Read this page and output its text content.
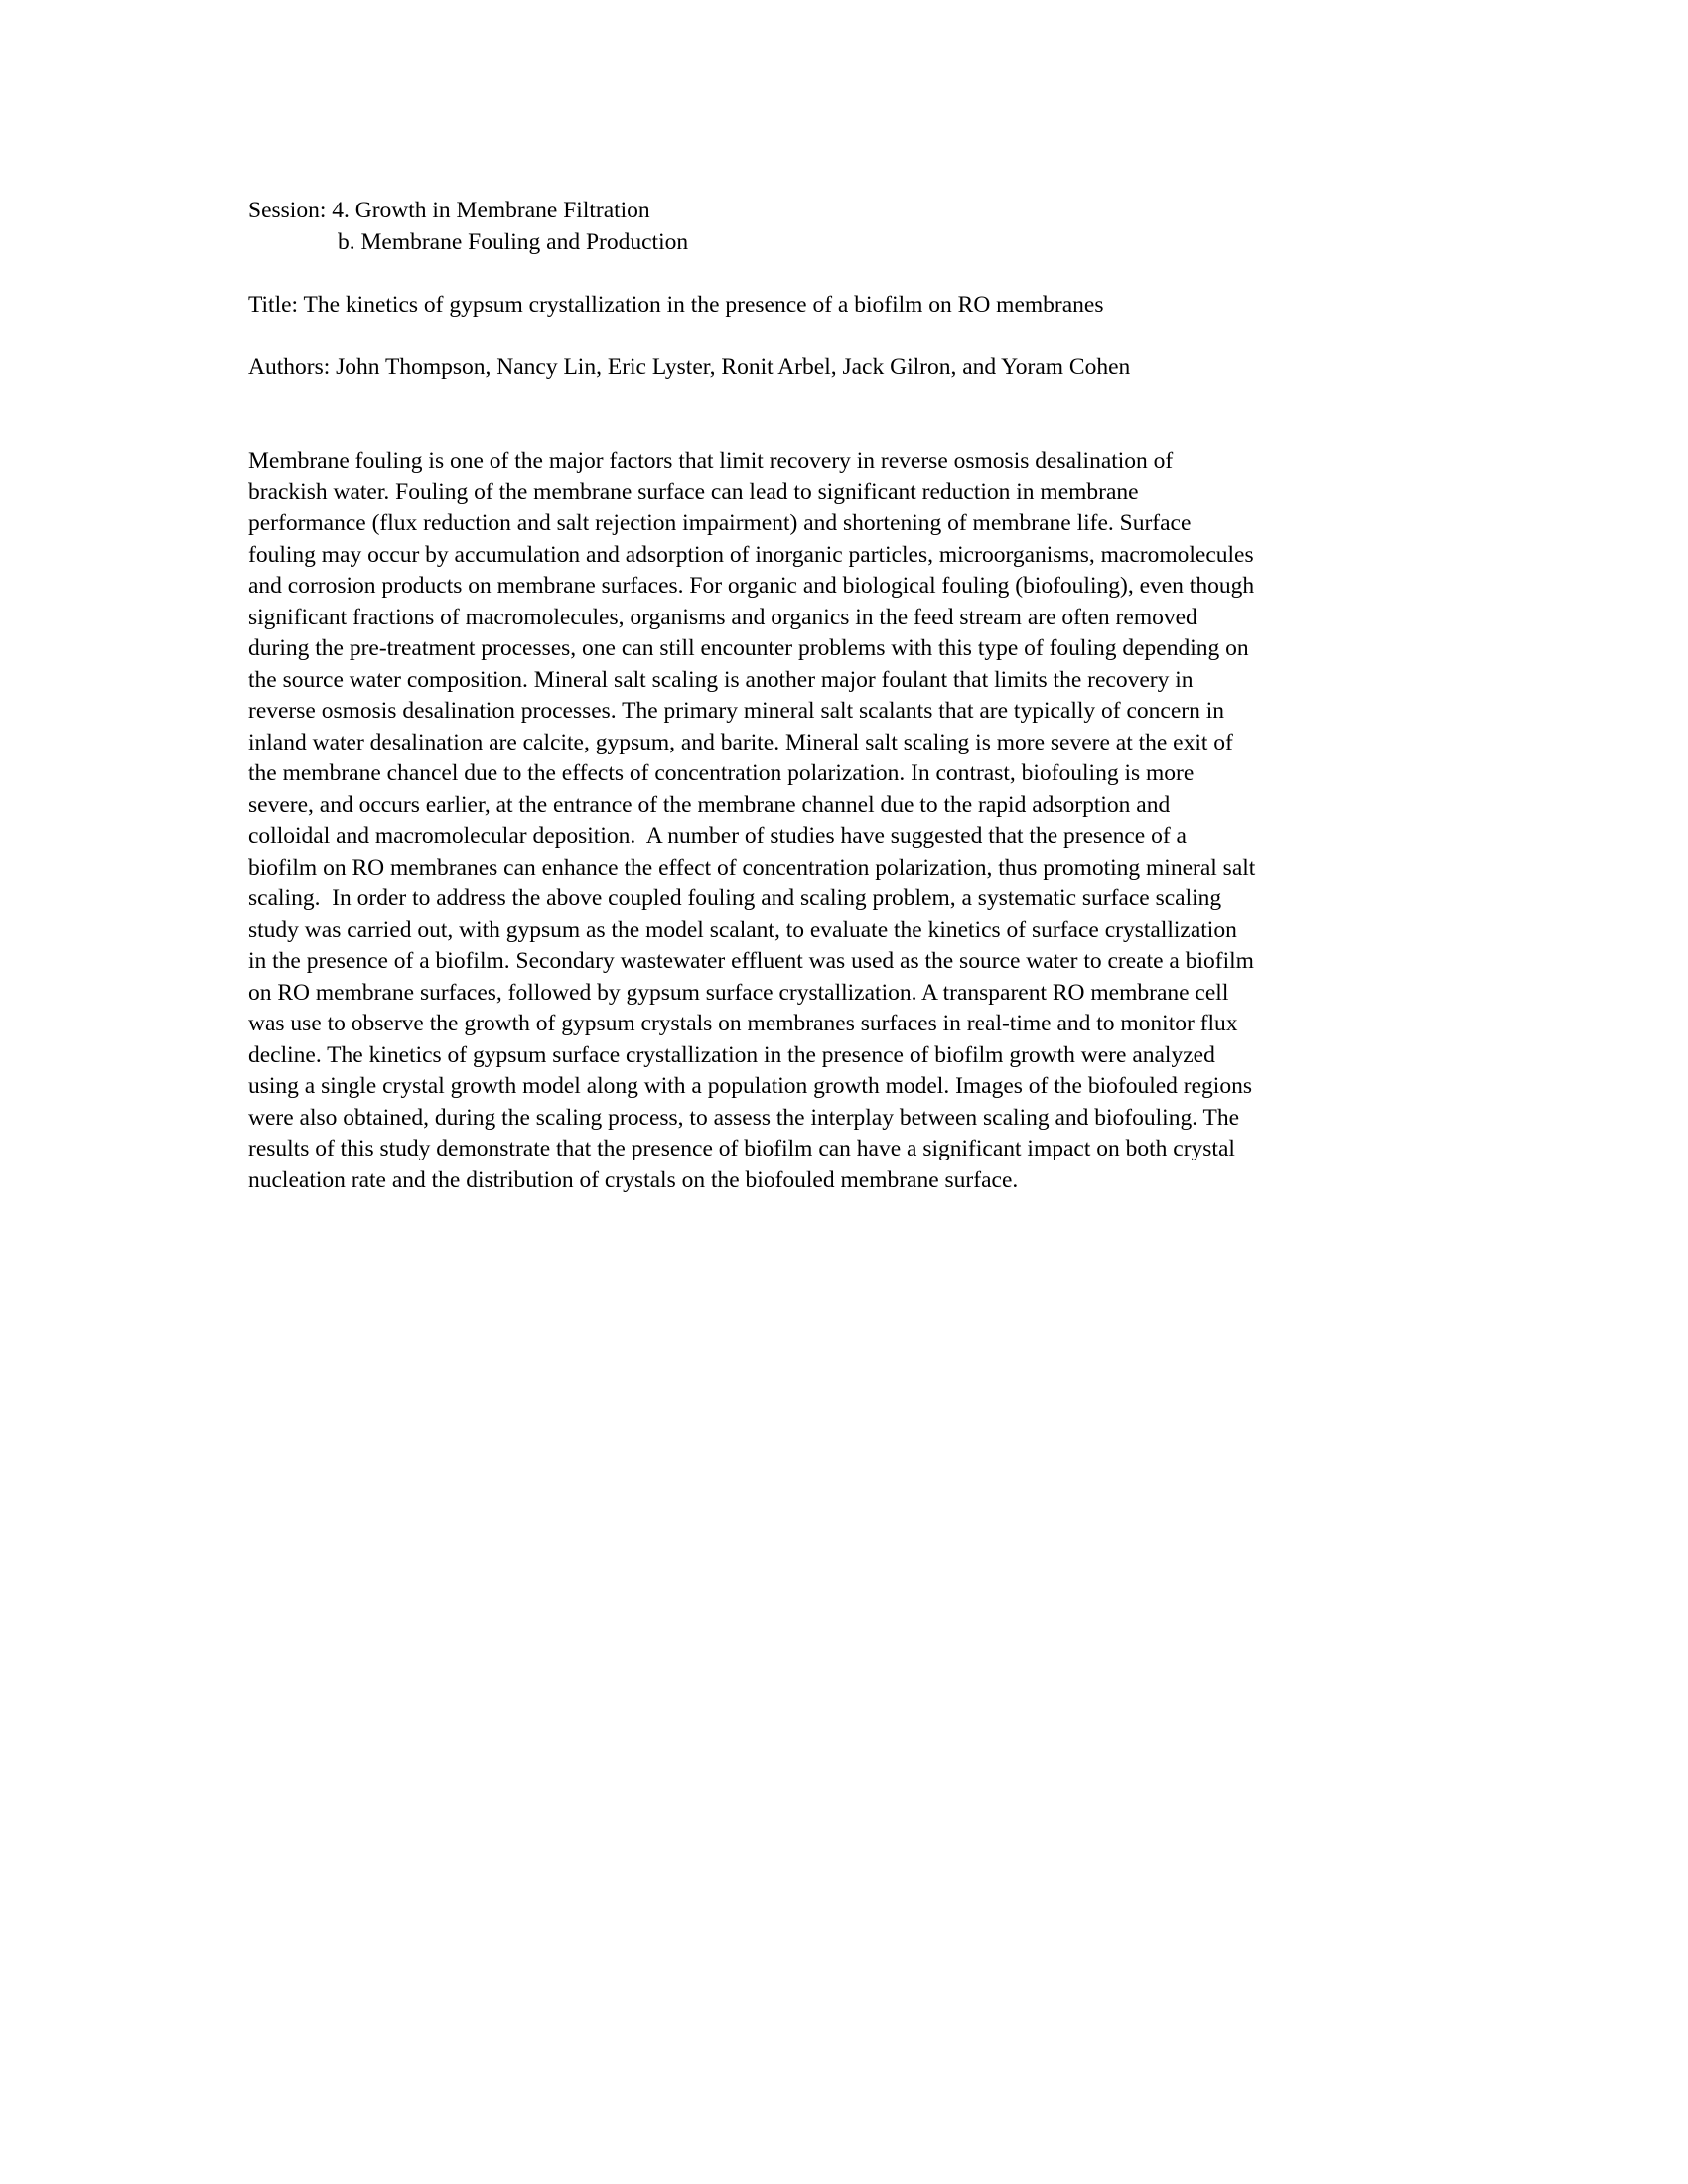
Session: 4. Growth in Membrane Filtration
b. Membrane Fouling and Production
Title: The kinetics of gypsum crystallization in the presence of a biofilm on RO membranes
Authors: John Thompson, Nancy Lin, Eric Lyster, Ronit Arbel, Jack Gilron, and Yoram Cohen
Membrane fouling is one of the major factors that limit recovery in reverse osmosis desalination of
brackish water. Fouling of the membrane surface can lead to significant reduction in membrane
performance (flux reduction and salt rejection impairment) and shortening of membrane life. Surface
fouling may occur by accumulation and adsorption of inorganic particles, microorganisms, macromolecules
and corrosion products on membrane surfaces. For organic and biological fouling (biofouling), even though
significant fractions of macromolecules, organisms and organics in the feed stream are often removed
during the pre-treatment processes, one can still encounter problems with this type of fouling depending on
the source water composition. Mineral salt scaling is another major foulant that limits the recovery in
reverse osmosis desalination processes. The primary mineral salt scalants that are typically of concern in
inland water desalination are calcite, gypsum, and barite. Mineral salt scaling is more severe at the exit of
the membrane chancel due to the effects of concentration polarization. In contrast, biofouling is more
severe, and occurs earlier, at the entrance of the membrane channel due to the rapid adsorption and
colloidal and macromolecular deposition.  A number of studies have suggested that the presence of a
biofilm on RO membranes can enhance the effect of concentration polarization, thus promoting mineral salt
scaling.  In order to address the above coupled fouling and scaling problem, a systematic surface scaling
study was carried out, with gypsum as the model scalant, to evaluate the kinetics of surface crystallization
in the presence of a biofilm. Secondary wastewater effluent was used as the source water to create a biofilm
on RO membrane surfaces, followed by gypsum surface crystallization. A transparent RO membrane cell
was use to observe the growth of gypsum crystals on membranes surfaces in real-time and to monitor flux
decline. The kinetics of gypsum surface crystallization in the presence of biofilm growth were analyzed
using a single crystal growth model along with a population growth model. Images of the biofouled regions
were also obtained, during the scaling process, to assess the interplay between scaling and biofouling. The
results of this study demonstrate that the presence of biofilm can have a significant impact on both crystal
nucleation rate and the distribution of crystals on the biofouled membrane surface.
